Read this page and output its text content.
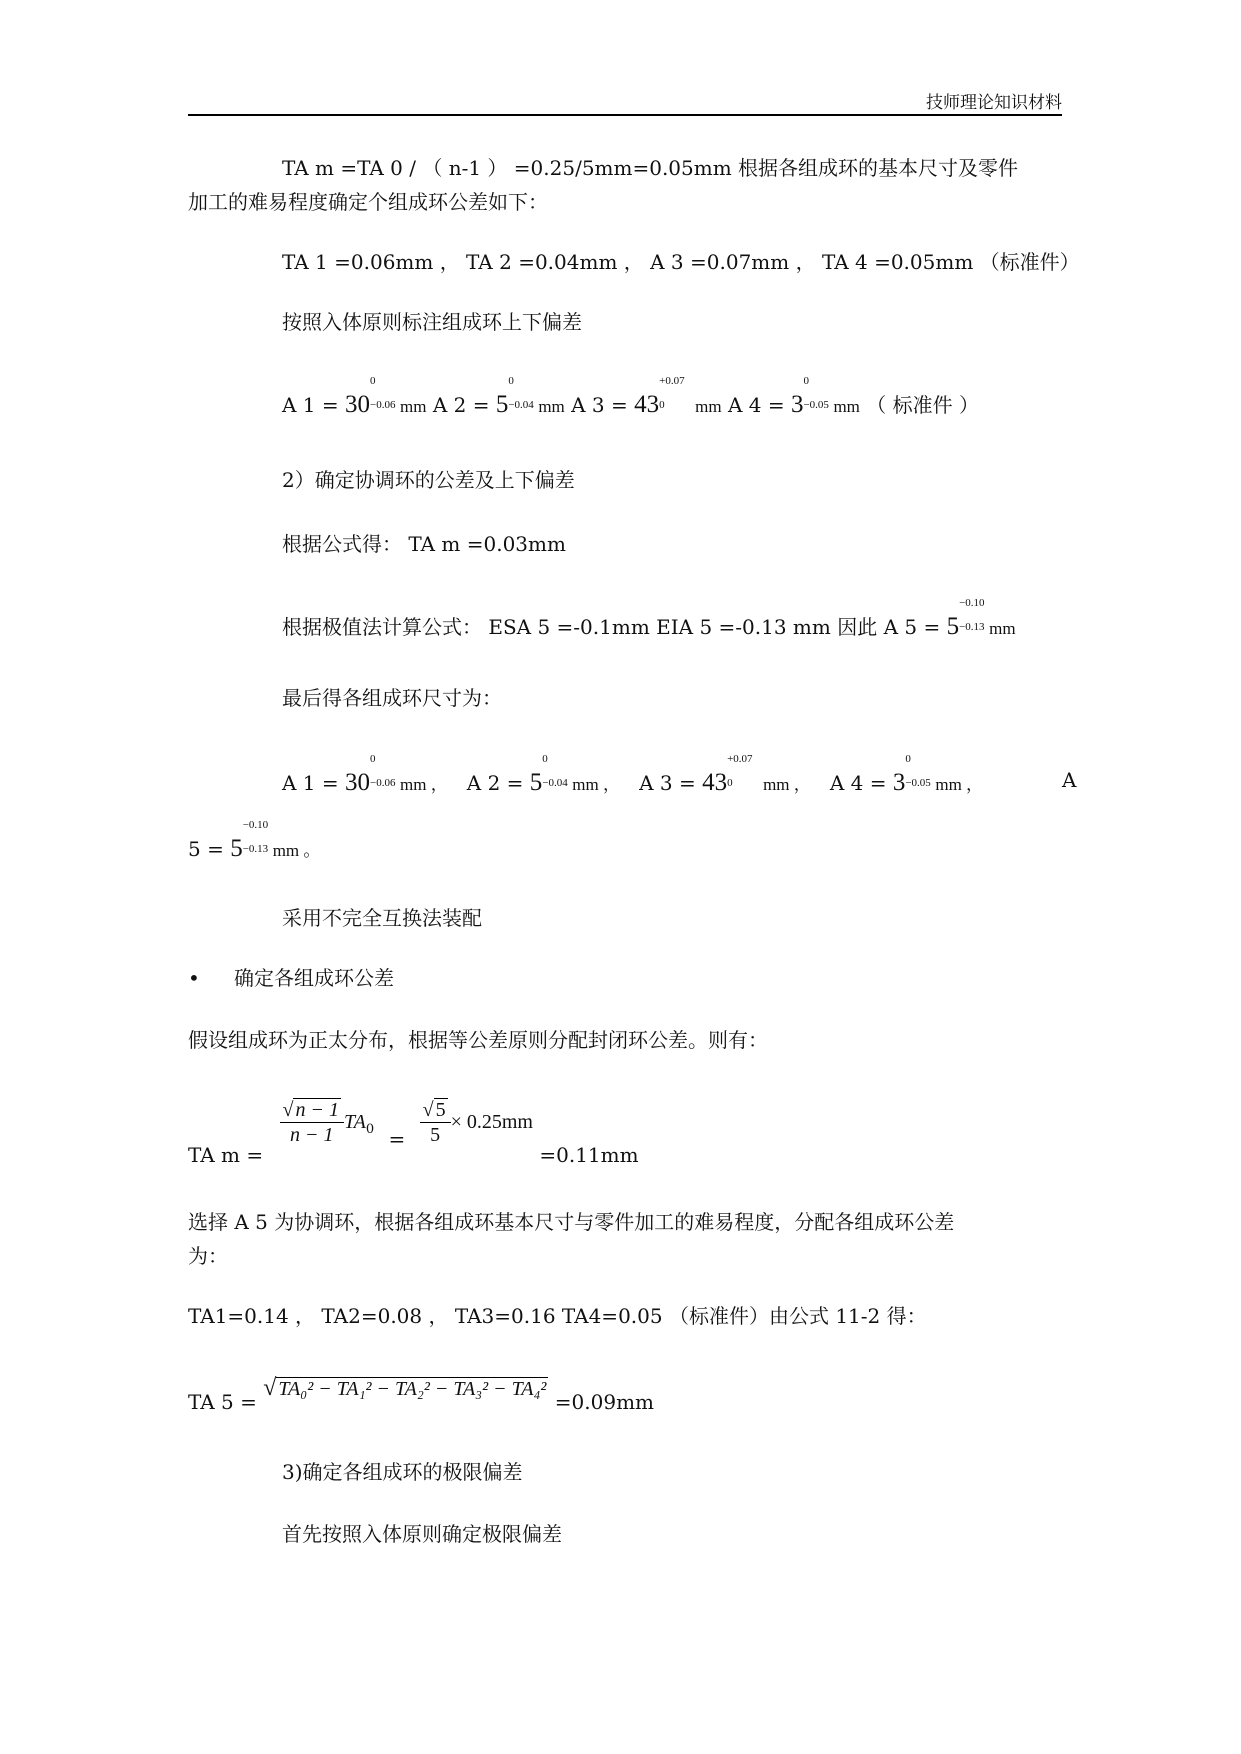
技师理论知识材料
TA m =TA 0 / （ n-1 ） =0.25/5mm=0.05mm 根据各组成环的基本尺寸及零件
加工的难易程度确定个组成环公差如下：
TA 1 =0.06mm ， TA 2 =0.04mm ， A 3 =0.07mm ， TA 4 =0.05mm （标准件）
按照入体原则标注组成环上下偏差
A 1 = 30
0
−0.06 mm A 2 = 5
0
−0.04 mm A 3 = 43
+0.07
0 mm A 4 = 3
0
−0.05 mm （ 标准件 ）
2）确定协调环的公差及上下偏差
根据公式得： TA m =0.03mm
根据极值法计算公式： ESA 5 =-0.1mm EIA 5 =-0.13 mm 因此 A 5 = 5
−0.10
−0.13 mm
最后得各组成环尺寸为：
A 1 = 30
0
−0.06 mm ， A 2 = 5
0
−0.04 mm ， A 3 = 43
+0.07
0 mm ， A 4 = 3
0
−0.05 mm ，	A
5 = 5
−0.10
−0.13 mm 。
采用不完全互换法装配
• 确定各组成环公差
假设组成环为正太分布，根据等公差原则分配封闭环公差。则有：
TA m =
$\frac{√ n - 1}{n - 1} TA_0 = \frac{√ 5}{5} \times 0.25mm =0.11mm$
选择 A 5 为协调环，根据各组成环基本尺寸与零件加工的难易程度，分配各组成环公差
为：
TA1=0.14 ， TA2=0.08 ， TA3=0.16 TA4=0.05 （标准件）由公式 11-2 得：
TA 5 = √ TA₀² − TA₁² − TA₂² − TA₃² − TA₄² =0.09mm
3)确定各组成环的极限偏差
首先按照入体原则确定极限偏差
